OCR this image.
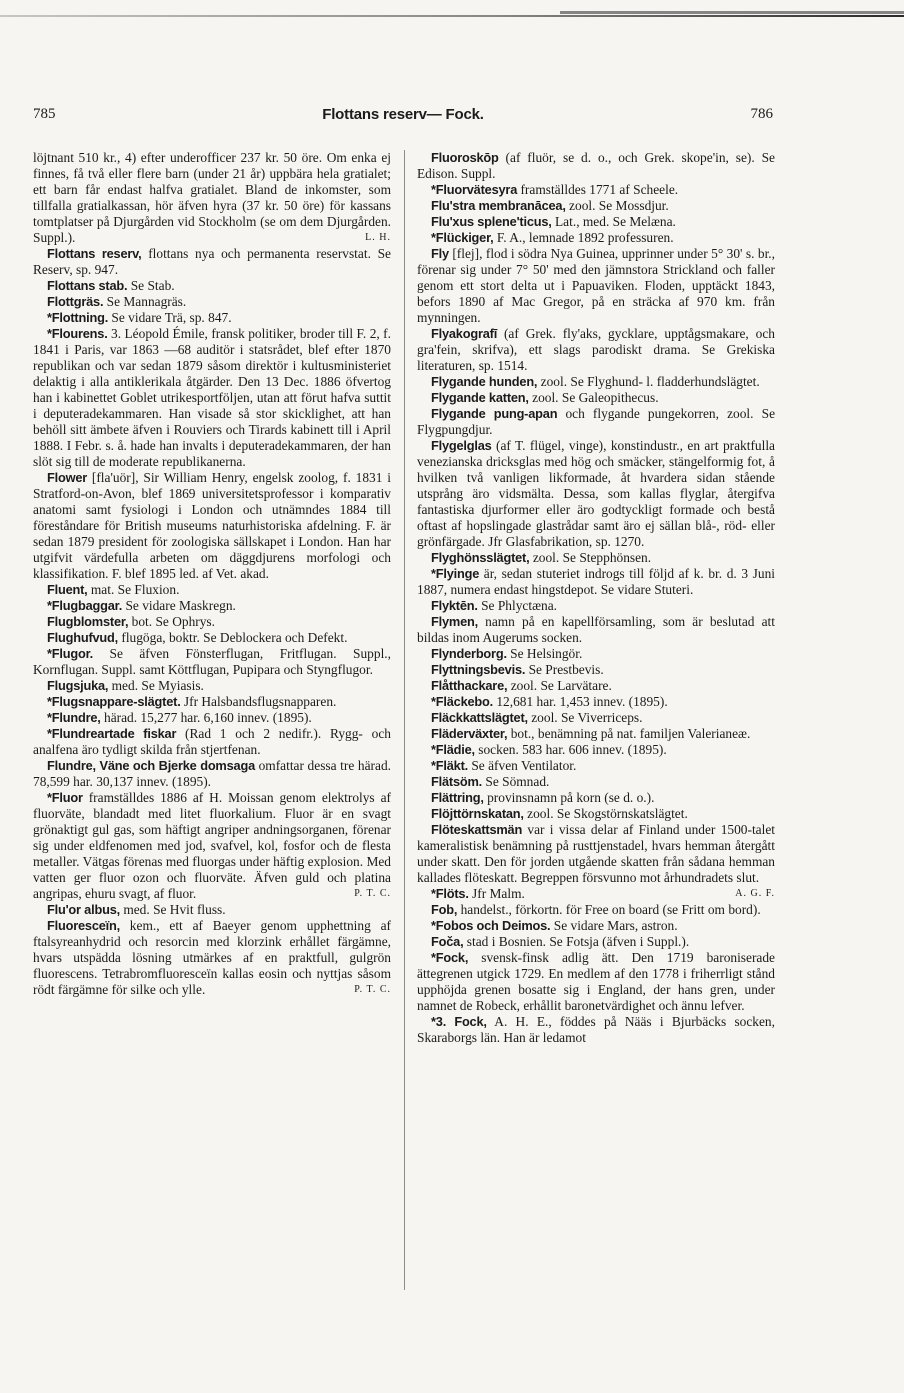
785	Flottans reserv— Fock.	786

löjtnant 510 kr., 4) efter underofficer 237 kr. 50 öre. Om enka ej finnes, få två eller flere barn (under 21 år) uppbära hela gratialet; ett barn får endast halfva gratialet. Bland de inkomster, som tillfalla gratialkassan, hör äfven hyra (37 kr. 50 öre) för kassans tomtplatser på Djurgården vid Stockholm (se om dem Djurgården. Suppl.).	L. H.

Flottans reserv, flottans nya och permanenta reservstat. Se Reserv, sp. 947.

Flottans stab. Se Stab.

Flottgräs. Se Mannagräs.

*Flottning. Se vidare Trä, sp. 847.

*Flourens. 3. Léopold Émile, fransk politiker, broder till F. 2, f. 1841 i Paris, var 1863 —68 auditör i statsrådet, blef efter 1870 republikan och var sedan 1879 såsom direktör i kultusministeriet delaktig i alla antiklerikala åtgärder. Den 13 Dec. 1886 öfvertog han i kabinettet Goblet utrikesportföljen, utan att förut hafva suttit i deputeradekammaren. Han visade så stor skicklighet, att han behöll sitt ämbete äfven i Rouviers och Tirards kabinett till i April 1888. I Febr. s. å. hade han invalts i deputeradekammaren, der han slöt sig till de moderate republikanerna.

Flower [fla'uör], Sir William Henry, engelsk zoolog, f. 1831 i Stratford-on-Avon, blef 1869 universitetsprofessor i komparativ anatomi samt fysiologi i London och utnämndes 1884 till föreståndare för British museums naturhistoriska afdelning. F. är sedan 1879 president för zoologiska sällskapet i London. Han har utgifvit värdefulla arbeten om däggdjurens morfologi och klassifikation. F. blef 1895 led. af Vet. akad.

Fluent, mat. Se Fluxion.

*Flugbaggar. Se vidare Maskregn.

Flugblomster, bot. Se Ophrys.

Flughufvud, flugöga, boktr. Se Deblockera och Defekt.

*Flugor. Se äfven Fönsterflugan, Fritflugan. Suppl., Kornflugan. Suppl. samt Köttflugan, Pupipara och Styngflugor.

Flugsjuka, med. Se Myiasis.

*Flugsnappare-slägtet. Jfr Halsbandsflugsnapparen.

*Flundre, härad. 15,277 har. 6,160 innev. (1895).

*Flundreartade fiskar (Rad 1 och 2 nedifr.). Rygg- och analfena äro tydligt skilda från stjertfenan.

Flundre, Väne och Bjerke domsaga omfattar dessa tre härad. 78,599 har. 30,137 innev. (1895).

*Fluor framställdes 1886 af H. Moissan genom elektrolys af fluorväte, blandadt med litet fluorkalium. Fluor är en svagt grönaktigt gul gas, som häftigt angriper andningsorganen, förenar sig under eldfenomen med jod, svafvel, kol, fosfor och de flesta metaller. Vätgas förenas med fluorgas under häftig explosion. Med vatten ger fluor ozon och fluorväte. Äfven guld och platina angripas, ehuru svagt, af fluor.	P. T. C.

Flu'or albus, med. Se Hvit fluss.

Fluoresceïn, kem., ett af Baeyer genom upphettning af ftalsyreanhydrid och resorcin med klorzink erhållet färgämne, hvars utspädda lösning utmärkes af en praktfull, gulgrön fluorescens. Tetrabromfluoresceïn kallas eosin och nyttjas såsom rödt färgämne för silke och ylle.	P. T. C.

Fluoroskōp (af fluör, se d. o., och Grek. skope'in, se). Se Edison. Suppl.

*Fluorvätesyra framställdes 1771 af Scheele.

Flu'stra membranācea, zool. Se Mossdjur.

Flu'xus splene'ticus, Lat., med. Se Melæna.

*Flückiger, F. A., lemnade 1892 professuren.

Fly [flej], flod i södra Nya Guinea, upprinner under 5° 30' s. br., förenar sig under 7° 50' med den jämnstora Strickland och faller genom ett stort delta ut i Papuaviken. Floden, upptäckt 1843, befors 1890 af Mac Gregor, på en sträcka af 970 km. från mynningen.

Flyakografī (af Grek. fly'aks, gycklare, upptågsmakare, och gra'fein, skrifva), ett slags parodiskt drama. Se Grekiska literaturen, sp. 1514.

Flygande hunden, zool. Se Flyghund- l. fladderhundslägtet.

Flygande katten, zool. Se Galeopithecus.

Flygande pung-apan och flygande pungekorren, zool. Se Flygpungdjur.

Flygelglas (af T. flügel, vinge), konstindustr., en art praktfulla venezianska dricksglas med hög och smäcker, stängelformig fot, å hvilken två vanligen likformade, åt hvardera sidan stående utsprång äro vidsmälta. Dessa, som kallas flyglar, återgifva fantastiska djurformer eller äro godtyckligt formade och bestå oftast af hopslingade glastrådar samt äro ej sällan blå-, röd- eller grönfärgade. Jfr Glasfabrikation, sp. 1270.

Flyghönsslägtet, zool. Se Stepphönsen.

*Flyinge är, sedan stuteriet indrogs till följd af k. br. d. 3 Juni 1887, numera endast hingstdepot. Se vidare Stuteri.

Flyktēn. Se Phlyctæna.

Flymen, namn på en kapellförsamling, som är beslutad att bildas inom Augerums socken.

Flynderborg. Se Helsingör.

Flyttningsbevis. Se Prestbevis.

Flåtthackare, zool. Se Larvätare.

*Fläckebo. 12,681 har. 1,453 innev. (1895).

Fläckkattslägtet, zool. Se Viverriceps.

Fläderväxter, bot., benämning på nat. familjen Valerianeæ.

*Flädie, socken. 583 har. 606 innev. (1895).

*Fläkt. Se äfven Ventilator.

Flätsöm. Se Sömnad.

Flättring, provinsnamn på korn (se d. o.).

Flöjttörnskatan, zool. Se Skogstörnskatslägtet.

Flöteskattsmän var i vissa delar af Finland under 1500-talet kameralistisk benämning på rusttjenstadel, hvars hemman återgått under skatt. Den för jorden utgående skatten från sådana hemman kallades flöteskatt. Begreppen försvunno mot århundradets slut.
A. G. F.

*Flöts. Jfr Malm.

Fob, handelst., förkortn. för Free on board (se Fritt om bord).

*Fobos och Deimos. Se vidare Mars, astron.

Foča, stad i Bosnien. Se Fotsja (äfven i Suppl.).

*Fock, svensk-finsk adlig ätt. Den 1719 baroniserade ättegrenen utgick 1729. En medlem af den 1778 i friherrligt stånd upphöjda grenen bosatte sig i England, der hans gren, under namnet de Robeck, erhållit baronetvärdighet och ännu lefver.

*3. Fock, A. H. E., föddes på Nääs i Bjurbäcks socken, Skaraborgs län. Han är ledamot
